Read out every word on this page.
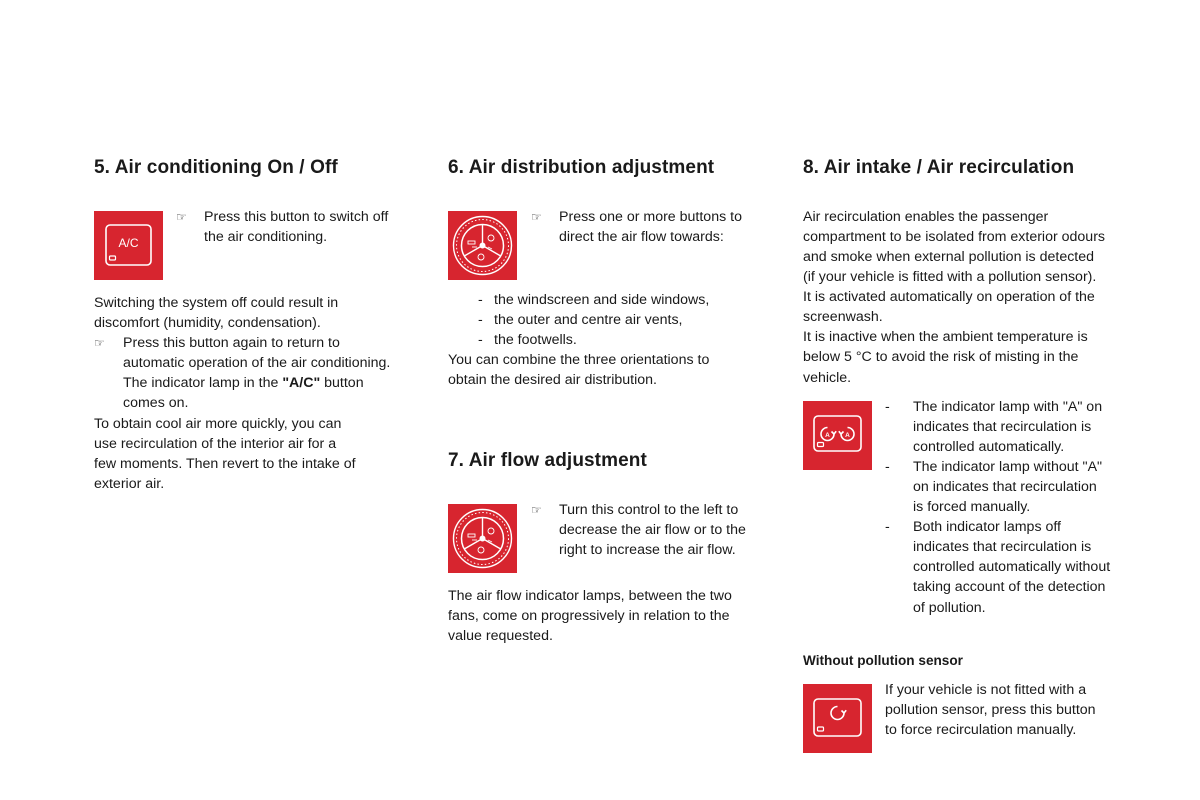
5. Air conditioning On / Off
A/C
☞ Press this button to switch off

the air conditioning.

Switching the system off could result in

discomfort (humidity, condensation).

☞ Press this button again to return to

automatic operation of the air conditioning.

The indicator lamp in the "A/C" button

comes on.

To obtain cool air more quickly, you can

use recirculation of the interior air for a

few moments. Then revert to the intake of

exterior air.

6. Air distribution adjustment
☞ Press one or more buttons to

direct the air flow towards:

- the windscreen and side windows,

- the outer and centre air vents,

- the footwells.

You can combine the three orientations to

obtain the desired air distribution.

7. Air flow adjustment
☞ Turn this control to the left to

decrease the air flow or to the

right to increase the air flow.

The air flow indicator lamps, between the two

fans, come on progressively in relation to the

value requested.

8. Air intake / Air recirculation

Air recirculation enables the passenger

compartment to be isolated from exterior odours

and smoke when external pollution is detected

(if your vehicle is fitted with a pollution sensor).

It is activated automatically on operation of the

screenwash.

It is inactive when the ambient temperature is

below 5 °C to avoid the risk of misting in the

vehicle.

A A
- The indicator lamp with "A" on

indicates that recirculation is

controlled automatically.

- The indicator lamp without "A"

on indicates that recirculation

is forced manually.

- Both indicator lamps off

indicates that recirculation is

controlled automatically without

taking account of the detection

of pollution.

Without pollution sensor

If your vehicle is not fitted with a

pollution sensor, press this button

to force recirculation manually.
